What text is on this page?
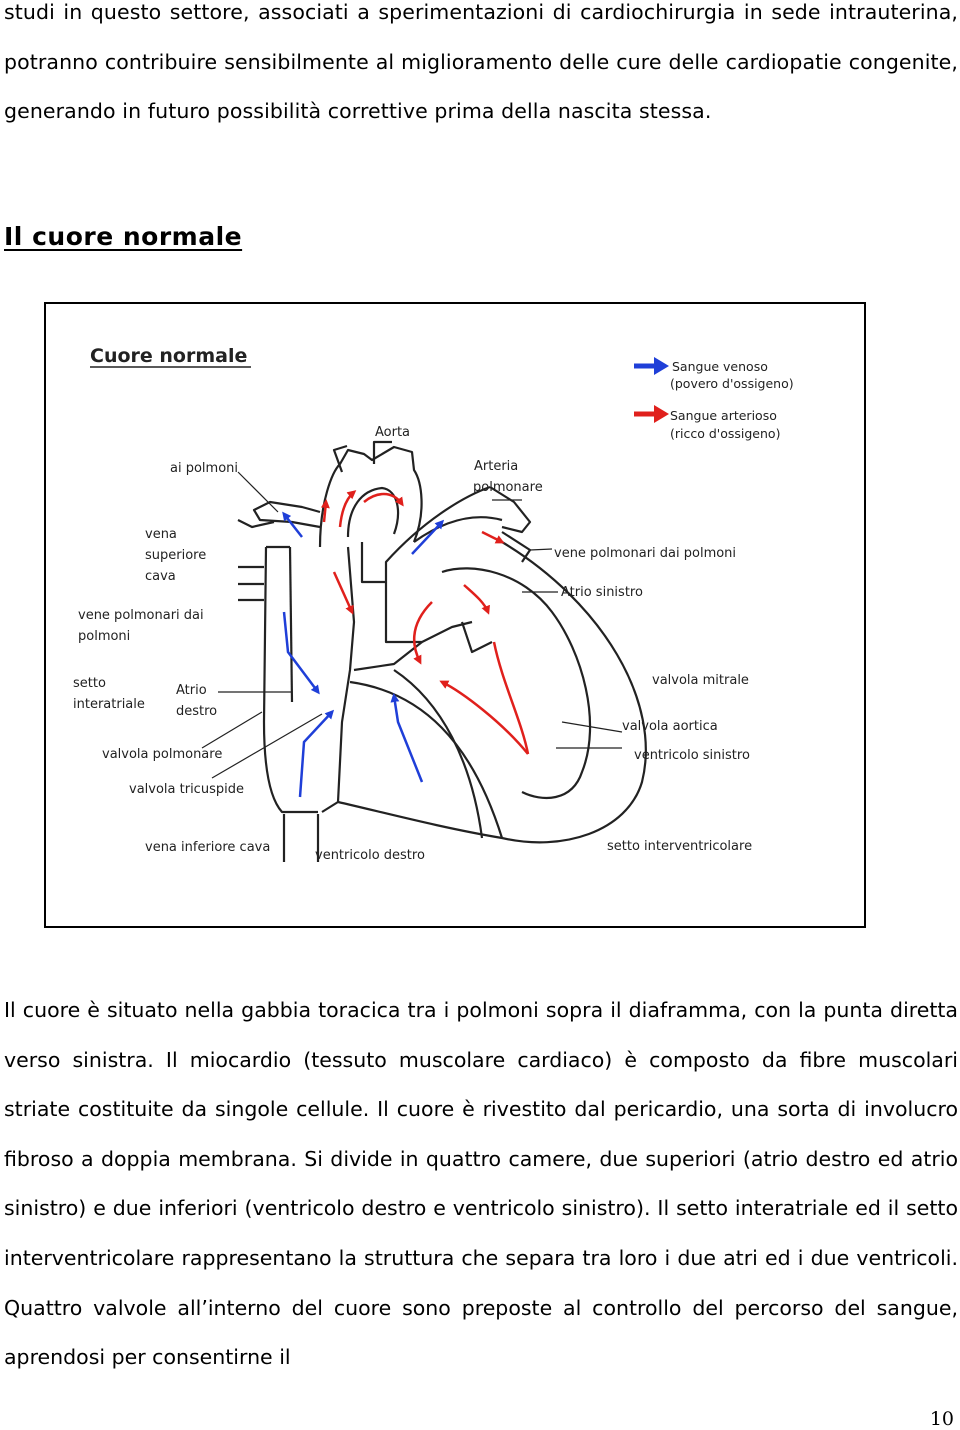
studi in questo settore, associati a sperimentazioni di cardiochirurgia in sede intrauterina, potranno contribuire sensibilmente al miglioramento delle cure delle cardiopatie congenite, generando in futuro possibilità correttive prima della nascita stessa.

Il cuore normale
Cuore normale	Sangue venoso
(povero d'ossigeno)
Sangue arterioso
(ricco d'ossigeno)
Aorta
ai polmoni	Arteria
polmonare
vena
superiore
cava
vene polmonari dai polmoni
Atrio sinistro
vene polmonari dai
polmoni
setto
interatriale
Atrio
destro
valvola mitrale
valvola aortica
valvola polmonare	ventricolo sinistro
valvola tricuspide
vena inferiore cava
ventricolo destro
setto interventricolare

Il cuore è situato nella gabbia toracica tra i polmoni sopra il diaframma, con la punta diretta verso sinistra. Il miocardio (tessuto muscolare cardiaco) è composto da fibre muscolari striate costituite da singole cellule. Il cuore è rivestito dal pericardio, una sorta di involucro fibroso a doppia membrana. Si divide in quattro camere, due superiori (atrio destro ed atrio sinistro) e due inferiori (ventricolo destro e ventricolo sinistro). Il setto interatriale ed il setto interventricolare rappresentano la struttura che separa tra loro i due atri ed i due ventricoli. Quattro valvole all’interno del cuore sono preposte al controllo del percorso del sangue, aprendosi per consentirne il

10
